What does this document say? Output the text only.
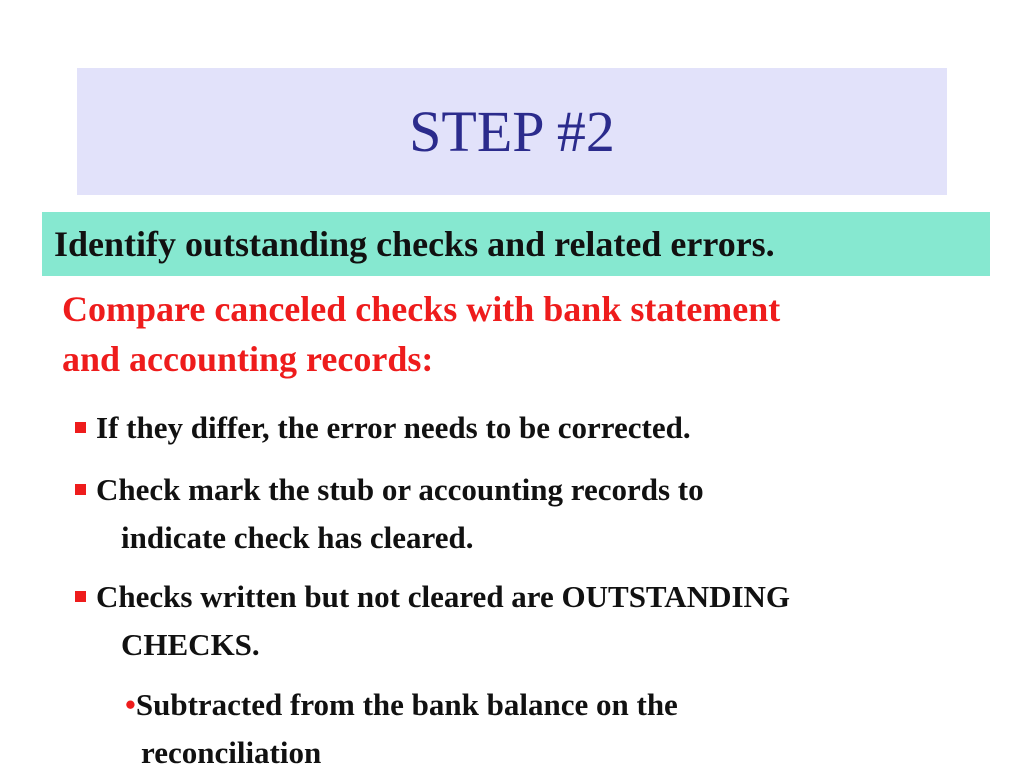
STEP #2
Identify outstanding checks and related errors.
Compare canceled checks with bank statement
and accounting records:
If they differ, the error needs to be corrected.
Check mark the stub or accounting records to
indicate check has cleared.
Checks written but not cleared are OUTSTANDING
CHECKS.
•Subtracted from the bank balance on the
reconciliation
